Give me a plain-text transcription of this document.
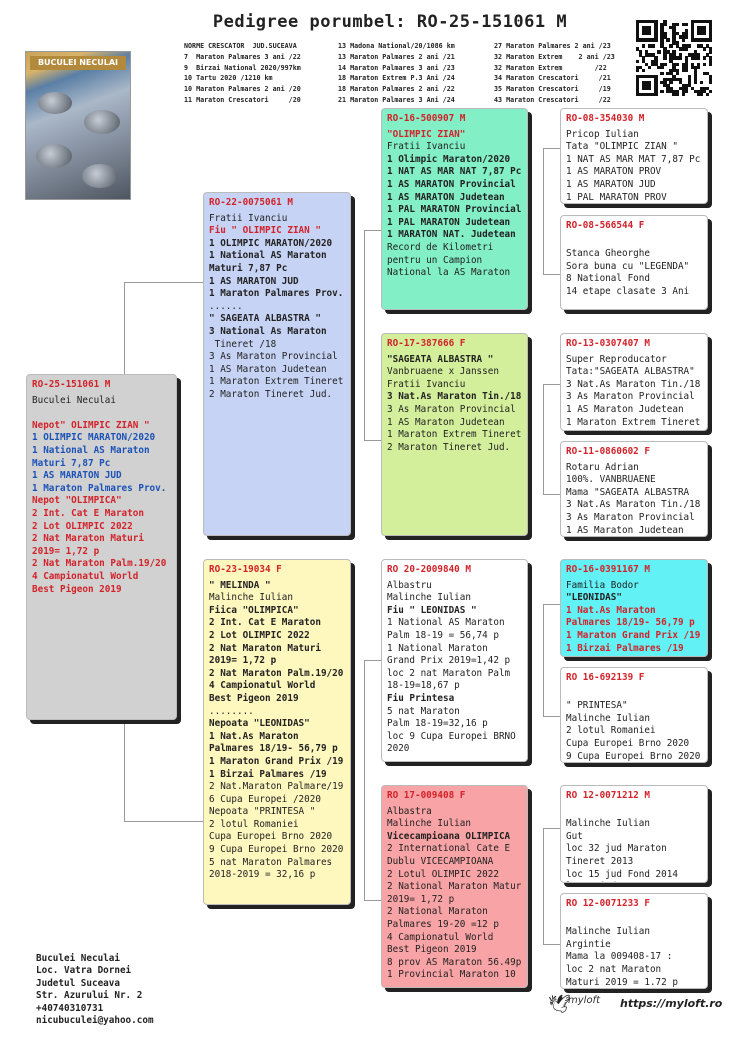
Pedigree porumbel: RO-25-151061 M
NORME CRESCATOR  JUD.SUCEAVA
7  Maraton Palmares 3 ani /22
9  Birzai National 2020/997km
10 Tartu 2020 /1210 km
10 Maraton Palmares 2 ani /20
11 Maraton Crescatori     /20
13 Madona National/20/1086 km
13 Maraton Palmares 2 ani /21
14 Maraton Palmares 3 ani /23
18 Maraton Extrem P.3 Ani /24
18 Maraton Palmares 2 ani /22
21 Maraton Palmares 3 Ani /24
27 Maraton Palmares 2 ani /23
32 Maraton Extrem    2 ani /23
32 Maraton Extrem        /22
34 Maraton Crescatori     /21
35 Maraton Crescatori     /19
43 Maraton Crescatori     /22
BUCULEI NECULAI
RO-25-151061 M
Buculei Neculai

Nepot" OLIMPIC ZIAN "
1 OLIMPIC MARATON/2020
1 National AS Maraton
Maturi 7,87 Pc
1 AS MARATON JUD
1 Maraton Palmares Prov.
Nepot "OLIMPICA"
2 Int. Cat E Maraton
2 Lot OLIMPIC 2022
2 Nat Maraton Maturi
2019= 1,72 p
2 Nat Maraton Palm.19/20
4 Campionatul World
Best Pigeon 2019
RO-22-0075061 M
Fratii Ivanciu
Fiu " OLIMPIC ZIAN "
1 OLIMPIC MARATON/2020
1 National AS Maraton
Maturi 7,87 Pc
1 AS MARATON JUD
1 Maraton Palmares Prov.
......
" SAGEATA ALBASTRA "
3 National As Maraton
Tineret /18
3 As Maraton Provincial
1 AS Maraton Judetean
1 Maraton Extrem Tineret
2 Maraton Tineret Jud.
RO-23-19034 F
" MELINDA "
Malinche Iulian
Fiica "OLIMPICA"
2 Int. Cat E Maraton
2 Lot OLIMPIC 2022
2 Nat Maraton Maturi
2019= 1,72 p
2 Nat Maraton Palm.19/20
4 Campionatul World
Best Pigeon 2019
........
Nepoata "LEONIDAS"
1 Nat.As Maraton
Palmares 18/19- 56,79 p
1 Maraton Grand Prix /19
1 Birzai Palmares /19
2 Nat.Maraton Palmare/19
6 Cupa Europei /2020
Nepoata "PRINTESA "
2 lotul Romaniei
Cupa Europei Brno 2020
9 Cupa Europei Brno 2020
5 nat Maraton Palmares
2018-2019 = 32,16 p
RO-16-500907 M
"OLIMPIC ZIAN"
Fratii Ivanciu
1 Olimpic Maraton/2020
1 NAT AS MAR NAT 7,87 Pc
1 AS MARATON Provincial
1 AS MARATON Judetean
1 PAL MARATON Provincial
1 PAL MARATON Judetean
1 MARATON NAT. Judetean
Record de Kilometri
pentru un Campion
National la AS Maraton
RO-17-387666 F
"SAGEATA ALBASTRA "
Vanbruaene x Janssen
Fratii Ivanciu
3 Nat.As Maraton Tin./18
3 As Maraton Provincial
1 AS Maraton Judetean
1 Maraton Extrem Tineret
2 Maraton Tineret Jud.
RO 20-2009840 M
Albastru
Malinche Iulian
Fiu " LEONIDAS "
1 National AS Maraton
Palm 18-19 = 56,74 p
1 National Maraton
Grand Prix 2019=1,42 p
loc 2 nat Maraton Palm
18-19=18,67 p
Fiu Printesa
5 nat Maraton
Palm 18-19=32,16 p
loc 9 Cupa Europei BRNO
2020
RO 17-009408 F
Albastra
Malinche Iulian
Vicecampioana OLIMPICA
2 International Cate E
Dublu VICECAMPIOANA
2 Lotul OLIMPIC 2022
2 National Maraton Matur
2019= 1,72 p
2 National Maraton
Palmares 19-20 =12 p
4 Campionatul World
Best Pigeon 2019
8 prov AS Maraton 56.49p
1 Provincial Maraton 10
RO-08-354030 M
Pricop Iulian
Tata "OLIMPIC ZIAN "
1 NAT AS MAR MAT 7,87 Pc
1 AS MARATON PROV
1 AS MARATON JUD
1 PAL MARATON PROV
RO-08-566544 F

Stanca Gheorghe
Sora buna cu "LEGENDA"
8 National Fond
14 etape clasate 3 Ani
RO-13-0307407 M
Super Reproducator
Tata:"SAGEATA ALBASTRA"
3 Nat.As Maraton Tin./18
3 As Maraton Provincial
1 AS Maraton Judetean
1 Maraton Extrem Tineret
RO-11-0860602 F
Rotaru Adrian
100%. VANBRUAENE
Mama "SAGEATA ALBASTRA
3 Nat.As Maraton Tin./18
3 As Maraton Provincial
1 AS Maraton Judetean
RO-16-0391167 M
Familia Bodor
"LEONIDAS"
1 Nat.As Maraton
Palmares 18/19- 56,79 p
1 Maraton Grand Prix /19
1 Birzai Palmares /19
RO 16-692139 F

" PRINTESA"
Malinche Iulian
2 lotul Romaniei
Cupa Europei Brno 2020
9 Cupa Europei Brno 2020
RO 12-0071212 M

Malinche Iulian
Gut
loc 32 jud Maraton
Tineret 2013
loc 15 jud Fond 2014
RO 12-0071233 F

Malinche Iulian
Argintie
Mama la 009408-17 :
loc 2 nat Maraton
Maturi 2019 = 1.72 p
Buculei Neculai
Loc. Vatra Dornei
Judetul Suceava
Str. Azurului Nr. 2
+40740310731
nicubuculei@yahoo.com
🕊
myloft https://myloft.ro
